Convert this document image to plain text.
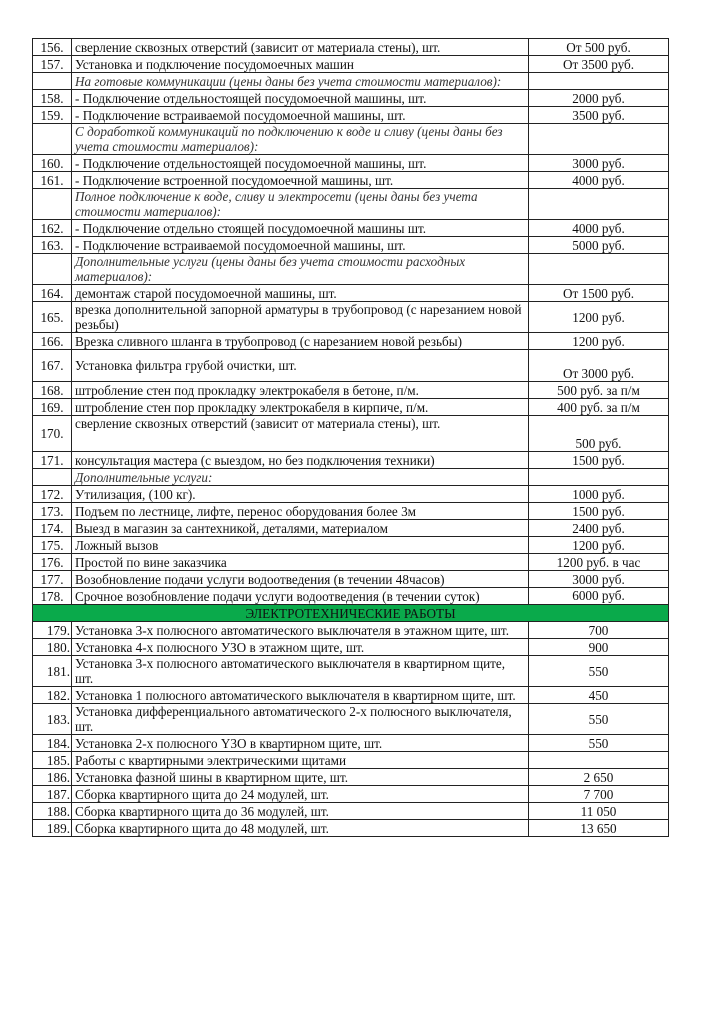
156.	сверление сквозных отверстий (зависит от материала стены), шт.	От 500 руб.
157.	Установка и подключение посудомоечных машин	От 3500 руб.
	На готовые коммуникации (цены даны без учета стоимости материалов):	
158.	- Подключение отдельностоящей посудомоечной машины, шт.	2000 руб.
159.	- Подключение встраиваемой посудомоечной машины, шт.	3500 руб.
	С доработкой коммуникаций по подключению к воде и сливу (цены даны без учета стоимости материалов):	
160.	- Подключение отдельностоящей посудомоечной машины, шт.	3000 руб.
161.	- Подключение встроенной посудомоечной машины, шт.	4000 руб.
	Полное подключение к воде, сливу и электросети (цены даны без учета стоимости материалов):	
162.	- Подключение отдельно стоящей посудомоечной машины шт.	4000 руб.
163.	- Подключение встраиваемой посудомоечной машины, шт.	5000 руб.
	Дополнительные услуги (цены даны без учета стоимости расходных материалов):	
164.	демонтаж старой посудомоечной машины, шт.	От 1500 руб.
165.	врезка дополнительной запорной арматуры в трубопровод (с нарезанием новой резьбы)	1200 руб.
166.	Врезка сливного шланга в трубопровод (с нарезанием новой резьбы)	1200 руб.
167.	Установка фильтра грубой очистки, шт.	От 3000 руб.
168.	штробление стен под прокладку электрокабеля в бетоне, п/м.	500 руб. за п/м
169.	штробление стен пор прокладку электрокабеля в кирпиче, п/м.	400 руб. за п/м
170.	сверление сквозных отверстий (зависит от материала стены), шт.	500 руб.
171.	консультация мастера (с выездом, но без подключения техники)	1500 руб.
	Дополнительные услуги:	
172.	Утилизация, (100 кг).	1000 руб.
173.	Подъем по лестнице, лифте, перенос оборудования более 3м	1500 руб.
174.	Выезд в магазин за сантехникой, деталями, материалом	2400 руб.
175.	Ложный вызов	1200 руб.
176.	Простой по вине заказчика	1200 руб. в час
177.	Возобновление подачи услуги водоотведения (в течении 48часов)	3000 руб.
178.	Срочное возобновление подачи услуги водоотведения (в течении суток)	6000 руб.
ЭЛЕКТРОТЕХНИЧЕСКИЕ РАБОТЫ		
179.	Установка 3-х полюсного автоматического выключателя в этажном щите, шт.	700
180.	Установка 4-х полюсного УЗО в этажном щите, шт.	900
181.	Установка 3-х полюсного автоматического выключателя в квартирном щите, шт.	550
182.	Установка 1 полюсного автоматического выключателя в квартирном щите, шт.	450
183.	Установка дифференциального автоматического 2-х полюсного выключателя, шт.	550
184.	Установка 2-х полюсного Y3O в квартирном щите, шт.	550
185.	Работы с квартирными электрическими щитами	
186.	Установка фазной шины в квартирном щите, шт.	2 650
187.	Сборка квартирного щита до 24 модулей, шт.	7 700
188.	Сборка квартирного щита до 36 модулей, шт.	11 050
189.	Сборка квартирного щита до 48 модулей, шт.	13 650
